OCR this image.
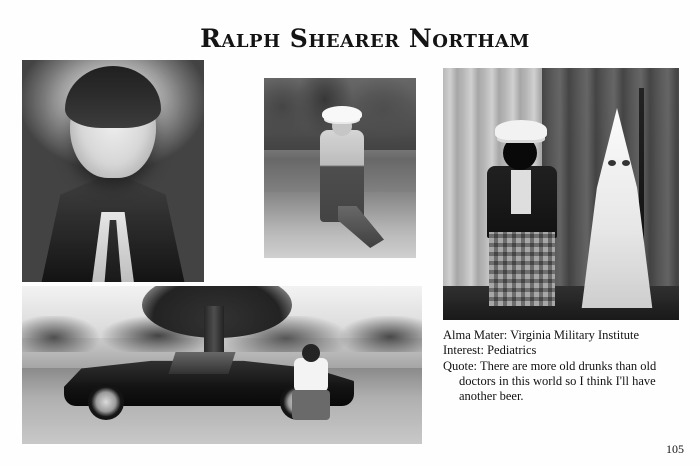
Ralph Shearer Northam
Alma Mater: Virginia Military Institute
Interest: Pediatrics
Quote: There are more old drunks than old
doctors in this world so I think I'll have
another beer.
105
